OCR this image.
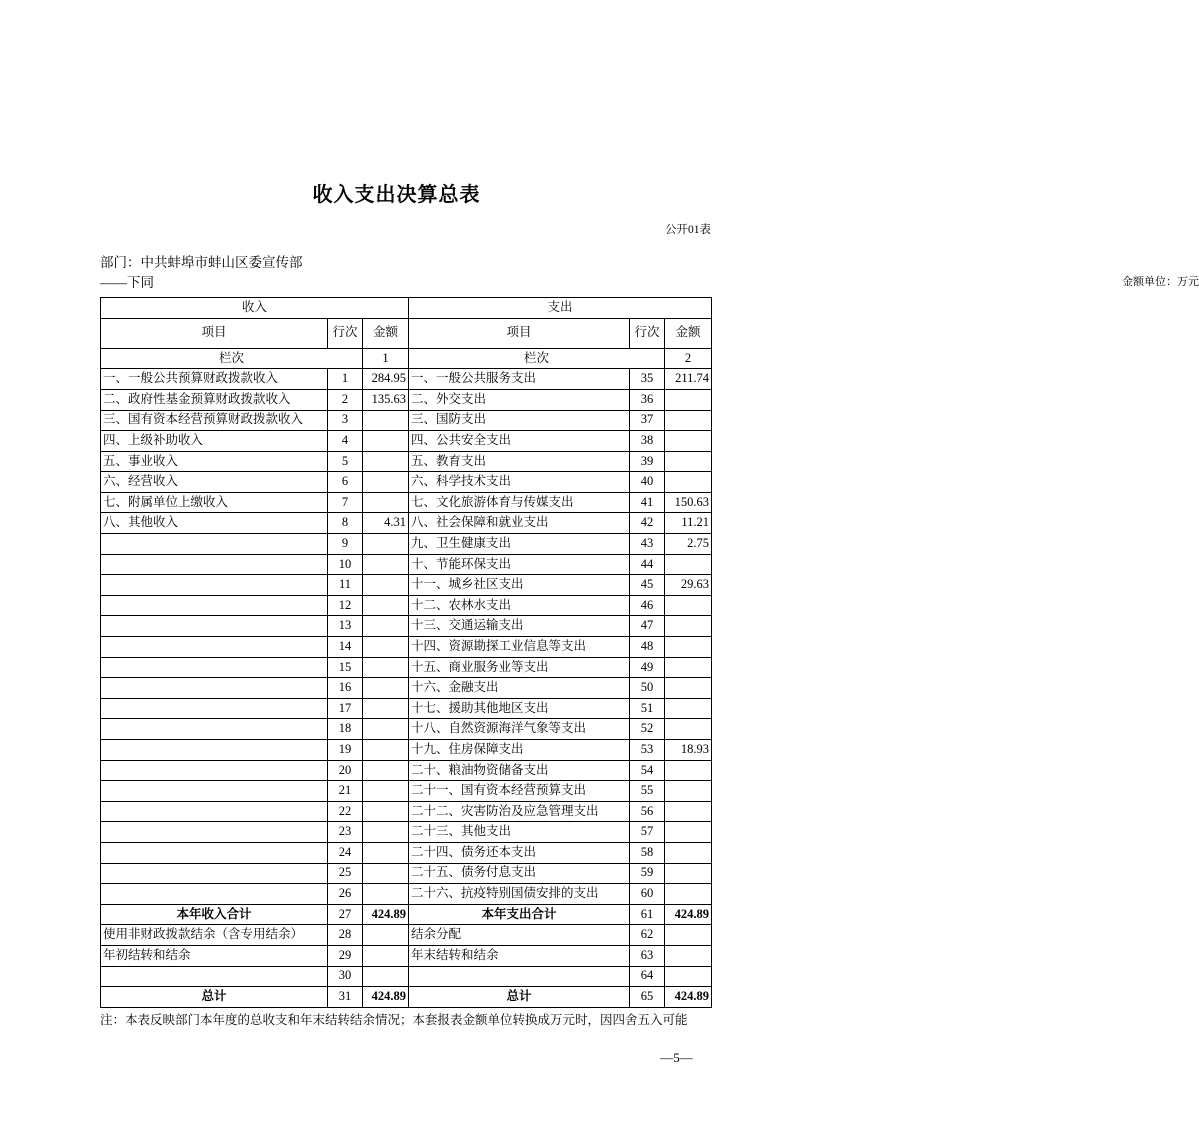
收入支出决算总表
公开01表
部门：中共蚌埠市蚌山区委宣传部
——下同	金额单位：万元
收入			支出		
项目	行次	金额	项目	行次	金额
栏次		1	栏次		2
一、一般公共预算财政拨款收入	1	284.95	一、一般公共服务支出	35	211.74
二、政府性基金预算财政拨款收入	2	135.63	二、外交支出	36	
三、国有资本经营预算财政拨款收入	3		三、国防支出	37	
四、上级补助收入	4		四、公共安全支出	38	
五、事业收入	5		五、教育支出	39	
六、经营收入	6		六、科学技术支出	40	
七、附属单位上缴收入	7		七、文化旅游体育与传媒支出	41	150.63
八、其他收入	8	4.31	八、社会保障和就业支出	42	11.21
	9		九、卫生健康支出	43	2.75
	10		十、节能环保支出	44	
	11		十一、城乡社区支出	45	29.63
	12		十二、农林水支出	46	
	13		十三、交通运输支出	47	
	14		十四、资源勘探工业信息等支出	48	
	15		十五、商业服务业等支出	49	
	16		十六、金融支出	50	
	17		十七、援助其他地区支出	51	
	18		十八、自然资源海洋气象等支出	52	
	19		十九、住房保障支出	53	18.93
	20		二十、粮油物资储备支出	54	
	21		二十一、国有资本经营预算支出	55	
	22		二十二、灾害防治及应急管理支出	56	
	23		二十三、其他支出	57	
	24		二十四、债务还本支出	58	
	25		二十五、债务付息支出	59	
	26		二十六、抗疫特别国债安排的支出	60	
本年收入合计	27	424.89	本年支出合计	61	424.89
使用非财政拨款结余（含专用结余）	28		结余分配	62	
年初结转和结余	29		年末结转和结余	63	
	30			64	
总计	31	424.89	总计	65	424.89
注：本表反映部门本年度的总收支和年末结转结余情况；本套报表金额单位转换成万元时，因四舍五入可能
—5—
